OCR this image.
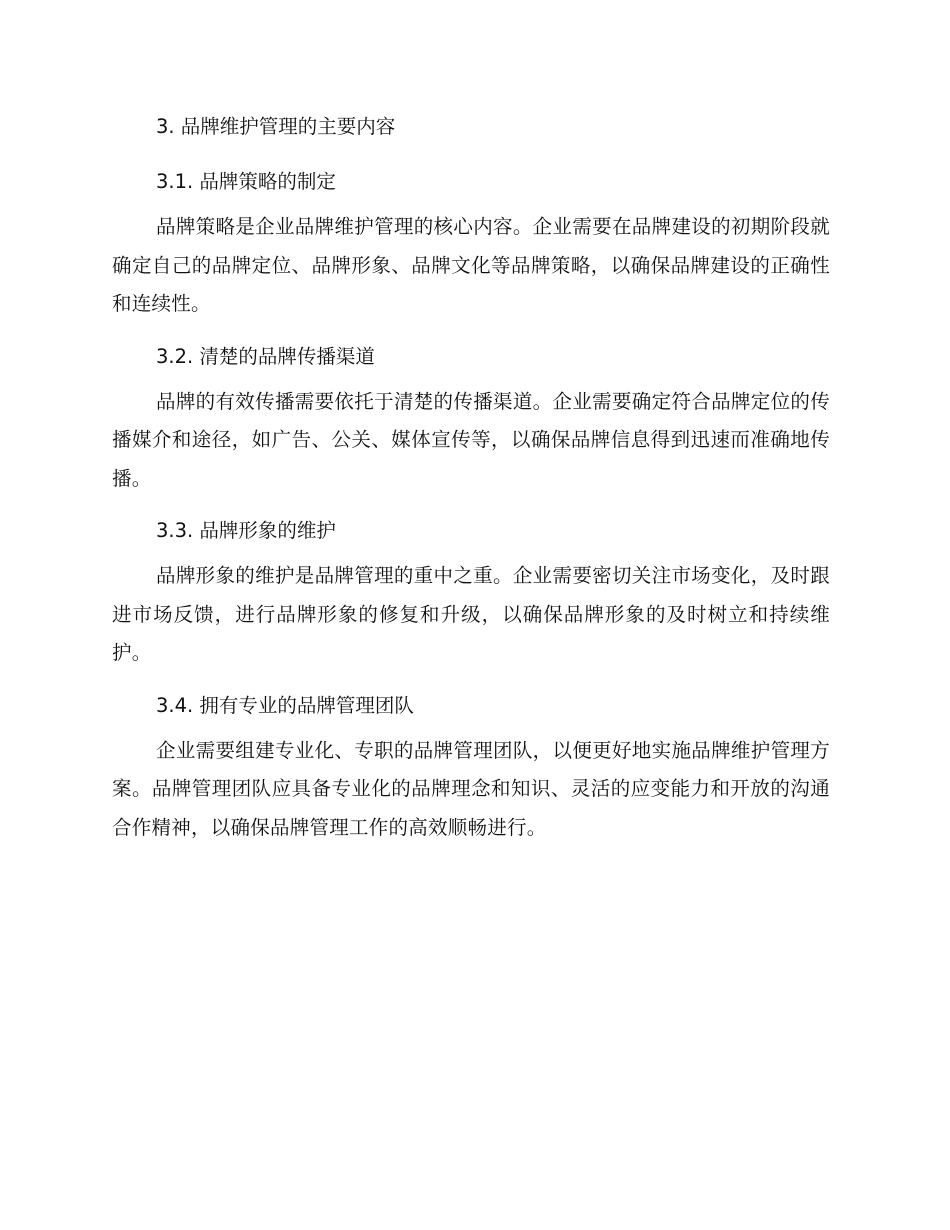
3. 品牌维护管理的主要内容
3.1. 品牌策略的制定

品牌策略是企业品牌维护管理的核心内容。企业需要在品牌建设的初期阶段就确定自己的品牌定位、品牌形象、品牌文化等品牌策略，以确保品牌建设的正确性和连续性。

3.2. 清楚的品牌传播渠道

品牌的有效传播需要依托于清楚的传播渠道。企业需要确定符合品牌定位的传播媒介和途径，如广告、公关、媒体宣传等，以确保品牌信息得到迅速而准确地传播。

3.3. 品牌形象的维护

品牌形象的维护是品牌管理的重中之重。企业需要密切关注市场变化，及时跟进市场反馈，进行品牌形象的修复和升级，以确保品牌形象的及时树立和持续维护。

3.4. 拥有专业的品牌管理团队

企业需要组建专业化、专职的品牌管理团队，以便更好地实施品牌维护管理方案。品牌管理团队应具备专业化的品牌理念和知识、灵活的应变能力和开放的沟通合作精神，以确保品牌管理工作的高效顺畅进行。
